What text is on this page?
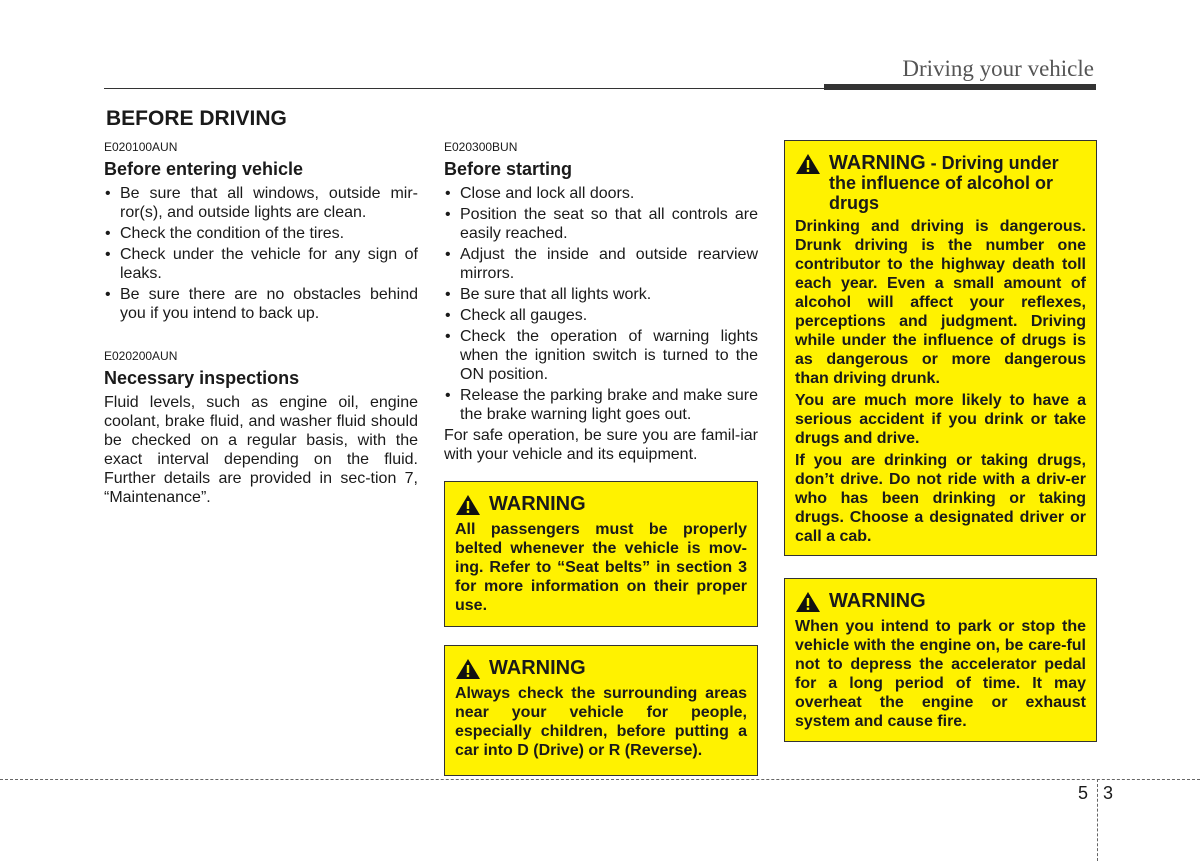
Driving your vehicle
BEFORE DRIVING

E020100AUN

Before entering vehicle
• Be sure that all windows, outside mir-ror(s), and outside lights are clean.
• Check the condition of the tires.
• Check under the vehicle for any sign of leaks.
• Be sure there are no obstacles behind you if you intend to back up.

E020200AUN

Necessary inspections

Fluid levels, such as engine oil, engine coolant, brake fluid, and washer fluid should be checked on a regular basis, with the exact interval depending on the fluid. Further details are provided in sec-tion 7, “Maintenance”.

E020300BUN

Before starting
• Close and lock all doors.
• Position the seat so that all controls are easily reached.
• Adjust the inside and outside rearview mirrors.
• Be sure that all lights work.
• Check all gauges.
• Check the operation of warning lights when the ignition switch is turned to the ON position.
• Release the parking brake and make sure the brake warning light goes out.

For safe operation, be sure you are famil-iar with your vehicle and its equipment.

WARNING

All passengers must be properly belted whenever the vehicle is mov-ing. Refer to “Seat belts” in section 3 for more information on their proper use.

WARNING

Always check the surrounding areas near your vehicle for people, especially children, before putting a car into D (Drive) or R (Reverse).

WARNING - Driving under the influence of alcohol or drugs

Drinking and driving is dangerous. Drunk driving is the number one contributor to the highway death toll each year. Even a small amount of alcohol will affect your reflexes, perceptions and judgment. Driving while under the influence of drugs is as dangerous or more dangerous than driving drunk.

You are much more likely to have a serious accident if you drink or take drugs and drive.

If you are drinking or taking drugs, don’t drive. Do not ride with a driv-er who has been drinking or taking drugs. Choose a designated driver or call a cab.

WARNING

When you intend to park or stop the vehicle with the engine on, be care-ful not to depress the accelerator pedal for a long period of time. It may overheat the engine or exhaust system and cause fire.

5 3
